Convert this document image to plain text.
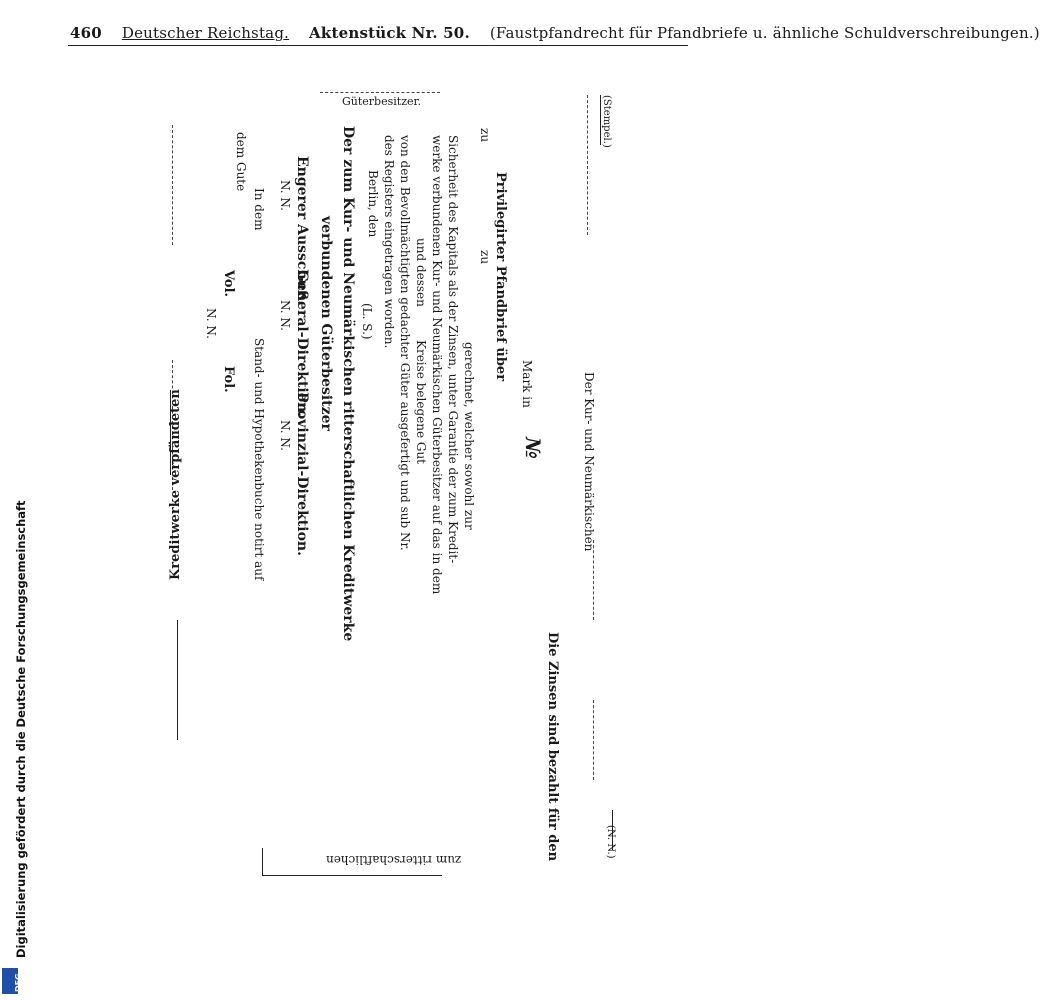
460 Deutscher Reichstag. Aktenstück Nr. 50. (Faustpfandrecht für Pfandbriefe u. ähnliche Schuldverschreibungen.)
Güterbesitzer.	(Stempel.)
Der Kur- und Neumärkischen
Die Zinsen sind bezahlt für den	(N. N.)
№
Mark in
Privilegirter Pfandbrief über
zu
zu
gerechnet, welcher sowohl zur
Sicherheit des Kapitals als der Zinsen, unter Garantie der zum Kredit-
werke verbundenen Kur- und Neumärkischen Güterbesitzer auf das in dem
und dessen
Kreise belegene Gut
von den Bevollmächtigten gedachter Güter ausgefertigt und sub Nr.
des Registers eingetragen worden.
Berlin, den
(L. S.)
Der zum Kur- und Neumärkischen ritterschaftlichen Kreditwerke
verbundenen Güterbesitzer
Engerer Ausschuß.
General-Direktion.
Provinzial-Direktion.
N. N.
N. N.
N. N.
In dem
Stand- und Hypothekenbuche notirt auf
Vol.
Fol.
N. N.
dem Gute
Kreditwerke verpfändeten
zum ritterschaftlichen
Digitalisierung gefördert durch die Deutsche Forschungsgemeinschaft
DFG
